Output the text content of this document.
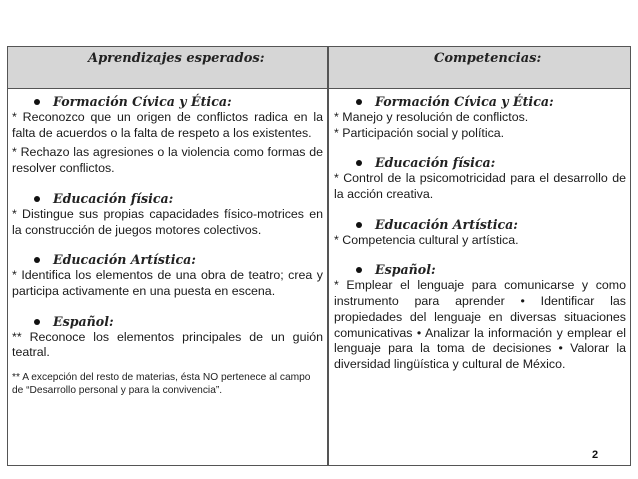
Aprendizajes esperados:	Competencias:
Formación Cívica y Ética:

* Reconozco que un origen de conflictos radica en la falta de acuerdos o la falta de respeto a los existentes.

* Rechazo las agresiones o la violencia como formas de resolver conflictos.

Educación física:

* Distingue sus propias capacidades físico-motrices en la construcción de juegos motores colectivos.

Educación Artística:

* Identifica los elementos de una obra de teatro; crea y participa activamente en una puesta en escena.

Español:

** Reconoce los elementos principales de un guión teatral.

** A excepción del resto de materias, ésta NO pertenece al campo de “Desarrollo personal y para la convivencia”.

Formación Cívica y Ética:

* Manejo y resolución de conflictos.

* Participación social y política.

Educación física:

* Control de la psicomotricidad para el desarrollo de la acción creativa.

Educación Artística:

* Competencia cultural y artística.

Español:

* Emplear el lenguaje para comunicarse y como instrumento para aprender • Identificar las propiedades del lenguaje en diversas situaciones comunicativas • Analizar la información y emplear el lenguaje para la toma de decisiones • Valorar la diversidad lingüística y cultural de México.

2
